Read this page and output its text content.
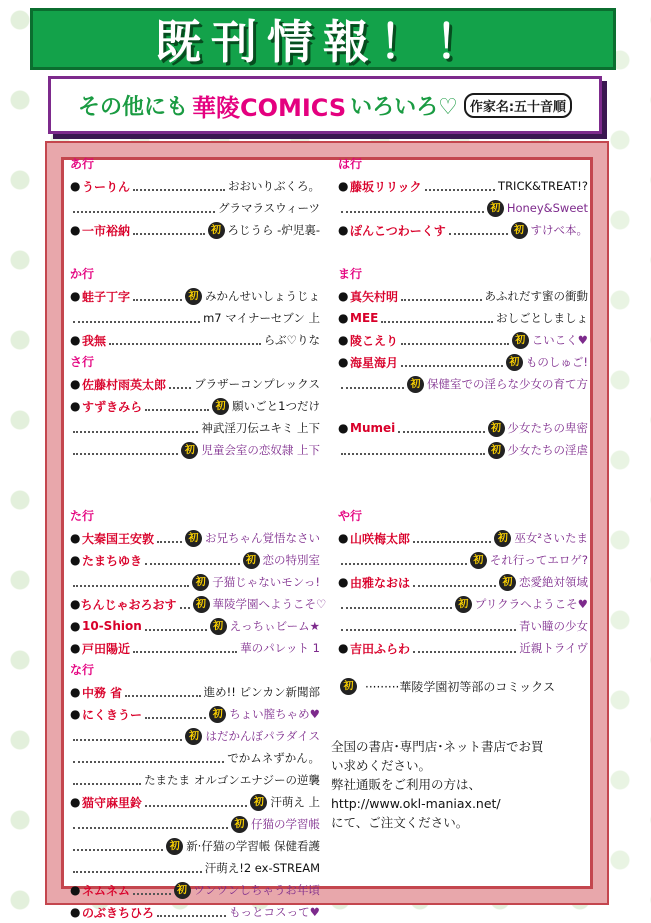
既刊情報！！
その他にも 華陵COMICS いろいろ♡ 作家名:五十音順
あ行
● うーりん	おおいりぶくろ。
グラマラスウィーツ
● 一市裕納	初 ろじうら -炉児裏-
か行
● 蛙子丁字	初 みかんせいしょうじょ
m7 マイナーセブン 上
● 我無	らぶ♡りな
さ行
● 佐藤村雨英太郎 ブラザーコンプレックス
● すずきみら	初 願いごと1つだけ
神武淫刀伝ユキミ 上下
初 児童会室の恋奴隷 上下
た行
● 大秦国王安敦	初 お兄ちゃん覚悟なさい
● たまちゆき	初 恋の特別室
初 子猫じゃないモンっ!
● ちんじゃおろおす	初 華陵学園へようこそ♡
● 10-Shion	初 えっちぃビーム★
● 戸田陽近	華のパレット 1
な行
● 中務 省	進め!! ピンカン新聞部
● にくきうー	初 ちょい膣ちゃめ♥
初 はだかんぼパラダイス
でかムネずかん。
たまたま オルゴンエナジーの逆襲
● 猫守麻里鈴	初 汗萌え 上
初 仔猫の学習帳
初 新·仔猫の学習帳 保健看護
汗萌え!2 ex-STREAM
● ネムネム	初 ツンツンしちゃうお年頃
● のぶきちひろ	もっとコスって♥
は行
● 藤坂リリック	TRICK&TREAT!?
初 Honey&Sweet
● ぽんこつわーくす	初 すけべ本。
ま行
● 真矢村明	あふれだす蜜の衝動
● MEE	おしごとしましょ
● 陵こえり	初 こいこく♥
● 海星海月	初 ものしゅご!
初 保健室での淫らな少女の育て方
● Mumei	初 少女たちの卑密
初 少女たちの淫虐
や行
● 山咲梅太郎	初 巫女²さいたま
初 それ行ってエロゲ?
● 由雅なおは	初 恋愛絶対領域
初 プリクラへようこそ♥
青い瞳の少女
● 吉田ふらわ	近親トライヴ
初 ········· 華陵学園初等部のコミックス
全国の書店･専門店･ネット書店でお買
い求めください。
弊社通販をご利用の方は、
http://www.okl-maniax.net/
にて、ご注文ください。
